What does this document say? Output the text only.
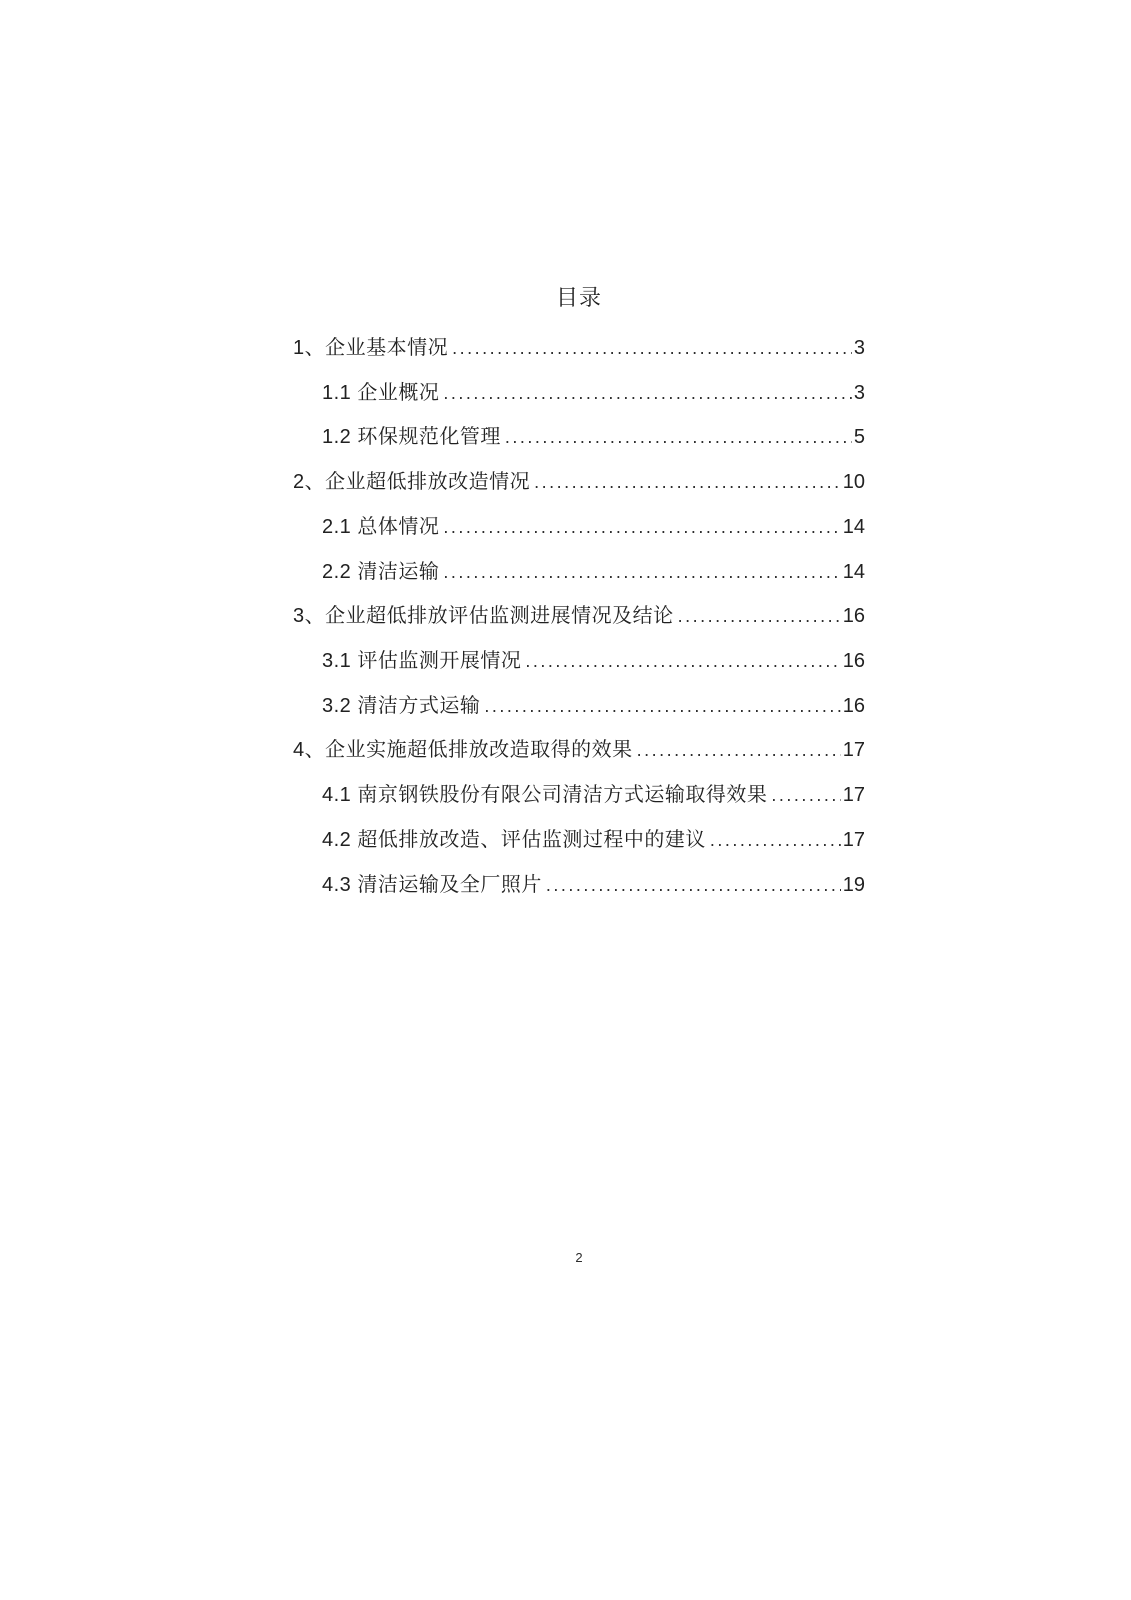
目录
1、企业基本情况 .....	3
1.1 企业概况 .....	3
1.2 环保规范化管理 .....	5
2、企业超低排放改造情况 .....	10
2.1 总体情况 .....	14
2.2 清洁运输 .....	14
3、企业超低排放评估监测进展情况及结论 .....	16
3.1 评估监测开展情况 .....	16
3.2 清洁方式运输 .....	16
4、企业实施超低排放改造取得的效果 .....	17
4.1 南京钢铁股份有限公司清洁方式运输取得效果 .....	17
4.2 超低排放改造、评估监测过程中的建议 .....	17
4.3 清洁运输及全厂照片 .....	19
2
